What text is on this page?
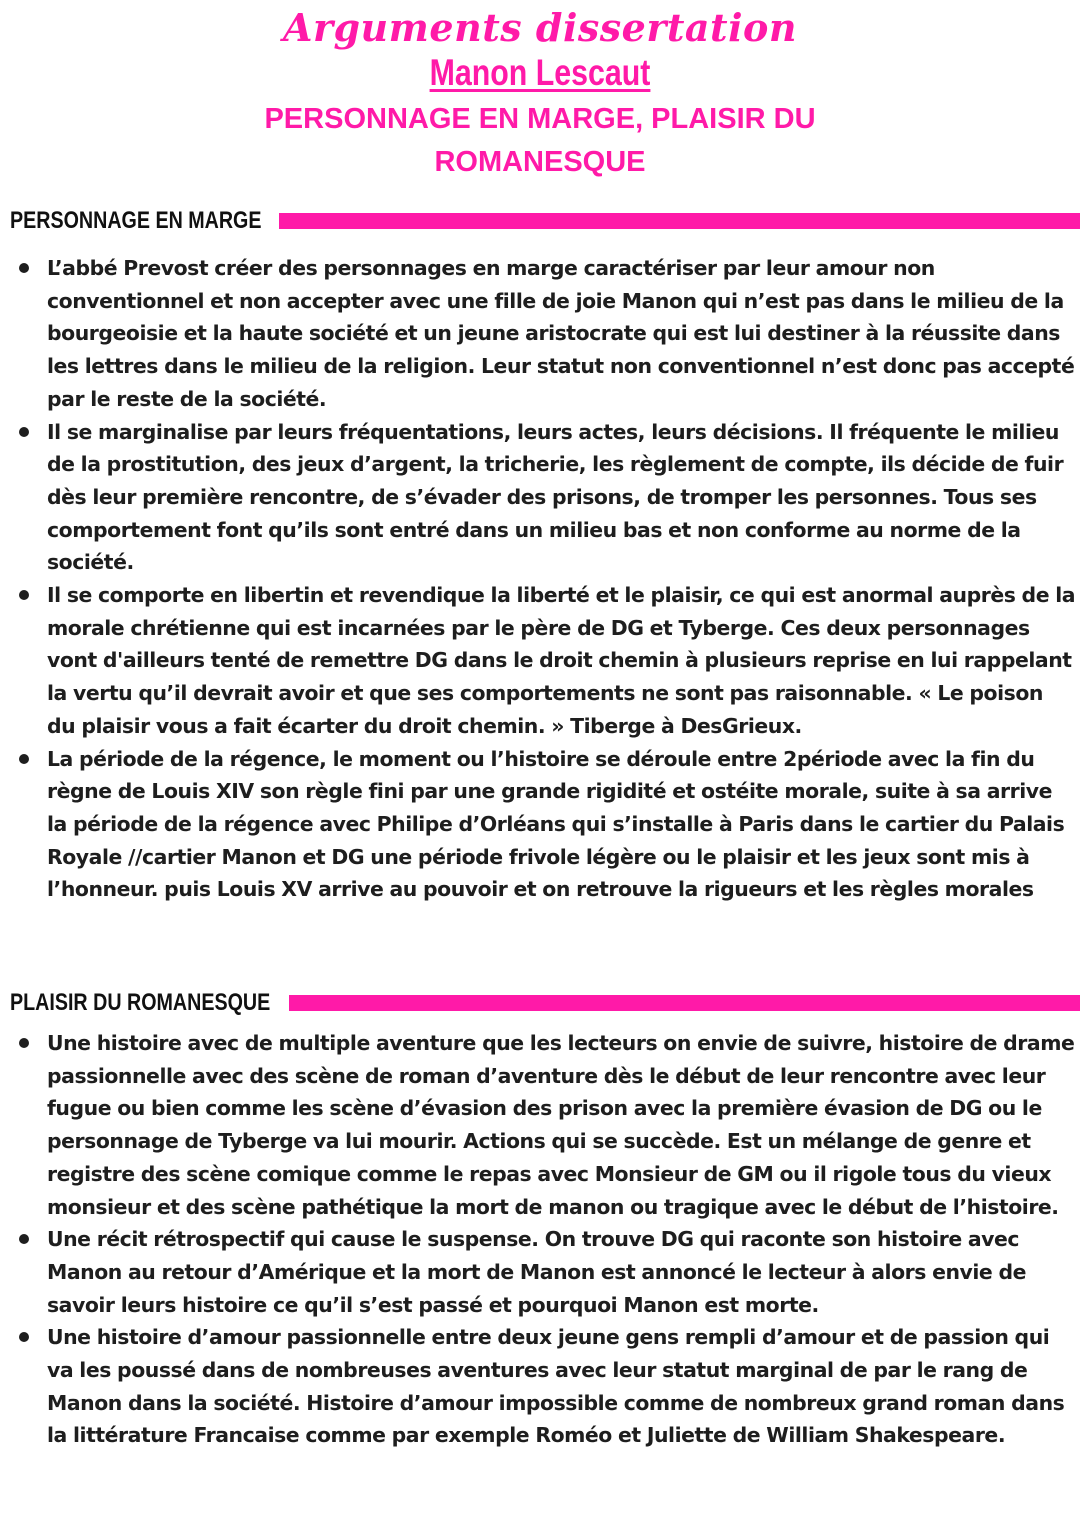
Arguments dissertation
Manon Lescaut
PERSONNAGE EN MARGE, PLAISIR DU ROMANESQUE
PERSONNAGE EN MARGE
L’abbé Prevost créer des personnages en marge caractériser par leur amour non conventionnel et non accepter avec une fille de joie Manon qui n’est pas dans le milieu de la bourgeoisie et la haute société et un jeune aristocrate qui est lui destiner à la réussite dans les lettres dans le milieu de la religion. Leur statut non conventionnel n’est donc pas accepté par le reste de la société.
Il se marginalise par leurs fréquentations, leurs actes, leurs décisions. Il fréquente le milieu de la prostitution, des jeux d’argent, la tricherie, les règlement de compte, ils décide de fuir dès leur première rencontre, de s’évader des prisons, de tromper les personnes. Tous ses comportement font qu’ils sont entré dans un milieu bas et non conforme au norme de la société.
Il se comporte en libertin et revendique la liberté et le plaisir, ce qui est anormal auprès de la morale chrétienne qui est incarnées par le père de DG et Tyberge. Ces deux personnages vont d'ailleurs tenté de remettre DG dans le droit chemin à plusieurs reprise en lui rappelant la vertu qu’il devrait avoir et que ses comportements ne sont pas raisonnable. « Le poison du plaisir vous a fait écarter du droit chemin. » Tiberge à DesGrieux.
La période de la régence, le moment ou l’histoire se déroule entre 2période avec la fin du règne de Louis XIV son règle fini par une grande rigidité et ostéite morale, suite à sa arrive la période de la régence avec Philipe d’Orléans qui s’installe à Paris dans le cartier du Palais Royale //cartier Manon et DG une période frivole légère ou le plaisir et les jeux sont mis à l’honneur. puis Louis XV arrive au pouvoir et on retrouve la rigueurs et les règles morales
PLAISIR DU ROMANESQUE
Une histoire avec de multiple aventure que les lecteurs on envie de suivre, histoire de drame passionnelle avec des scène de roman d’aventure dès le début de leur rencontre avec leur fugue ou bien comme les scène d’évasion des prison avec la première évasion de DG ou le personnage de Tyberge va lui mourir. Actions qui se succède. Est un mélange de genre et registre des scène comique comme le repas avec Monsieur de GM ou il rigole tous du vieux monsieur et des scène pathétique la mort de manon ou tragique avec le début de l’histoire.
Une récit rétrospectif qui cause le suspense. On trouve DG qui raconte son histoire avec Manon au retour d’Amérique et la mort de Manon est annoncé le lecteur à alors envie de savoir leurs histoire ce qu’il s’est passé et pourquoi Manon est morte.
Une histoire d’amour passionnelle entre deux jeune gens rempli d’amour et de passion qui va les poussé dans de nombreuses aventures avec leur statut marginal de par le rang de Manon dans la société. Histoire d’amour impossible comme de nombreux grand roman dans la littérature Francaise comme par exemple Roméo et Juliette de William Shakespeare.
